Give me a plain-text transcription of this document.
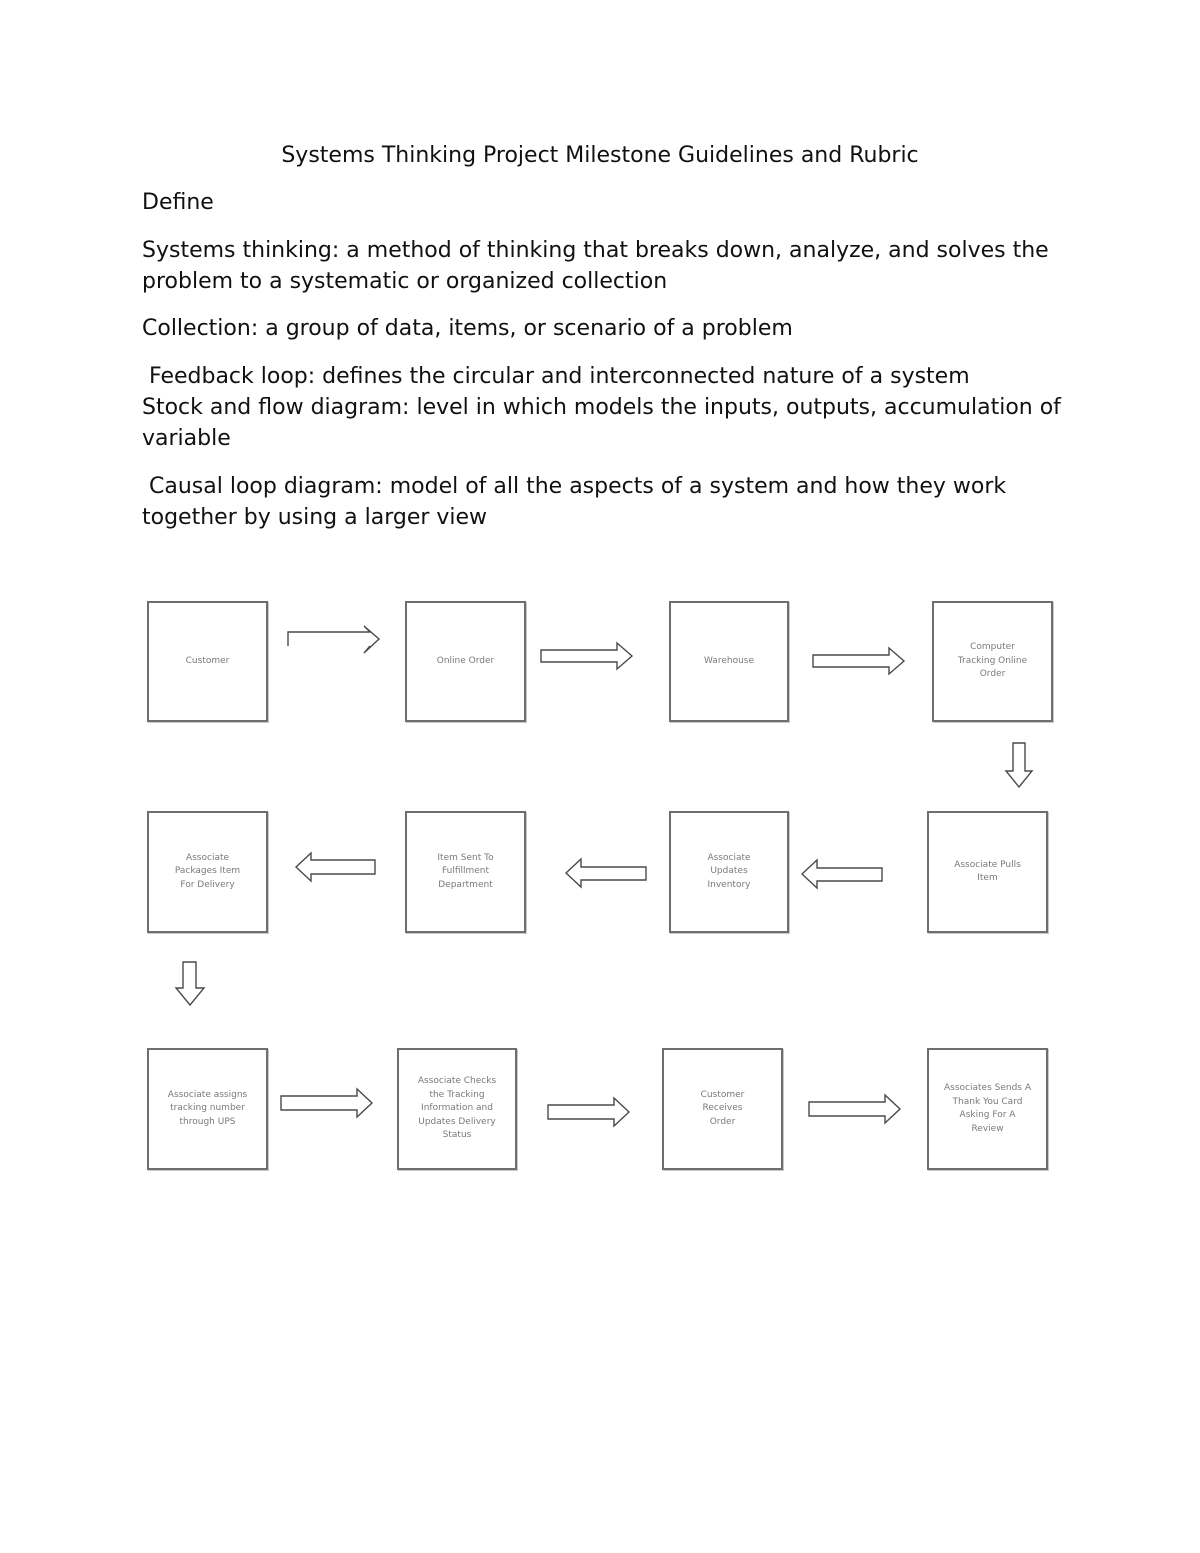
Systems Thinking Project Milestone Guidelines and Rubric
Define
Systems thinking: a method of thinking that breaks down, analyze, and solves the problem to a systematic or organized collection
Collection: a group of data, items, or scenario of a problem
Feedback loop: defines the circular and interconnected nature of a system
Stock and flow diagram: level in which models the inputs, outputs, accumulation of variable
Causal loop diagram: model of all the aspects of a system and how they work together by using a larger view
Customer	Online Order	Warehouse
Computer
Tracking Online
Order
Associate Pulls
Item
Associate
Updates
Inventory
Item Sent To
Fulfillment
Department
Associate
Packages Item
For Delivery
Associate assigns
tracking number
through UPS
Associate Checks
the Tracking
Information and
Updates Delivery
Status
Customer
Receives
Order
Associates Sends A
Thank You Card
Asking For A
Review
